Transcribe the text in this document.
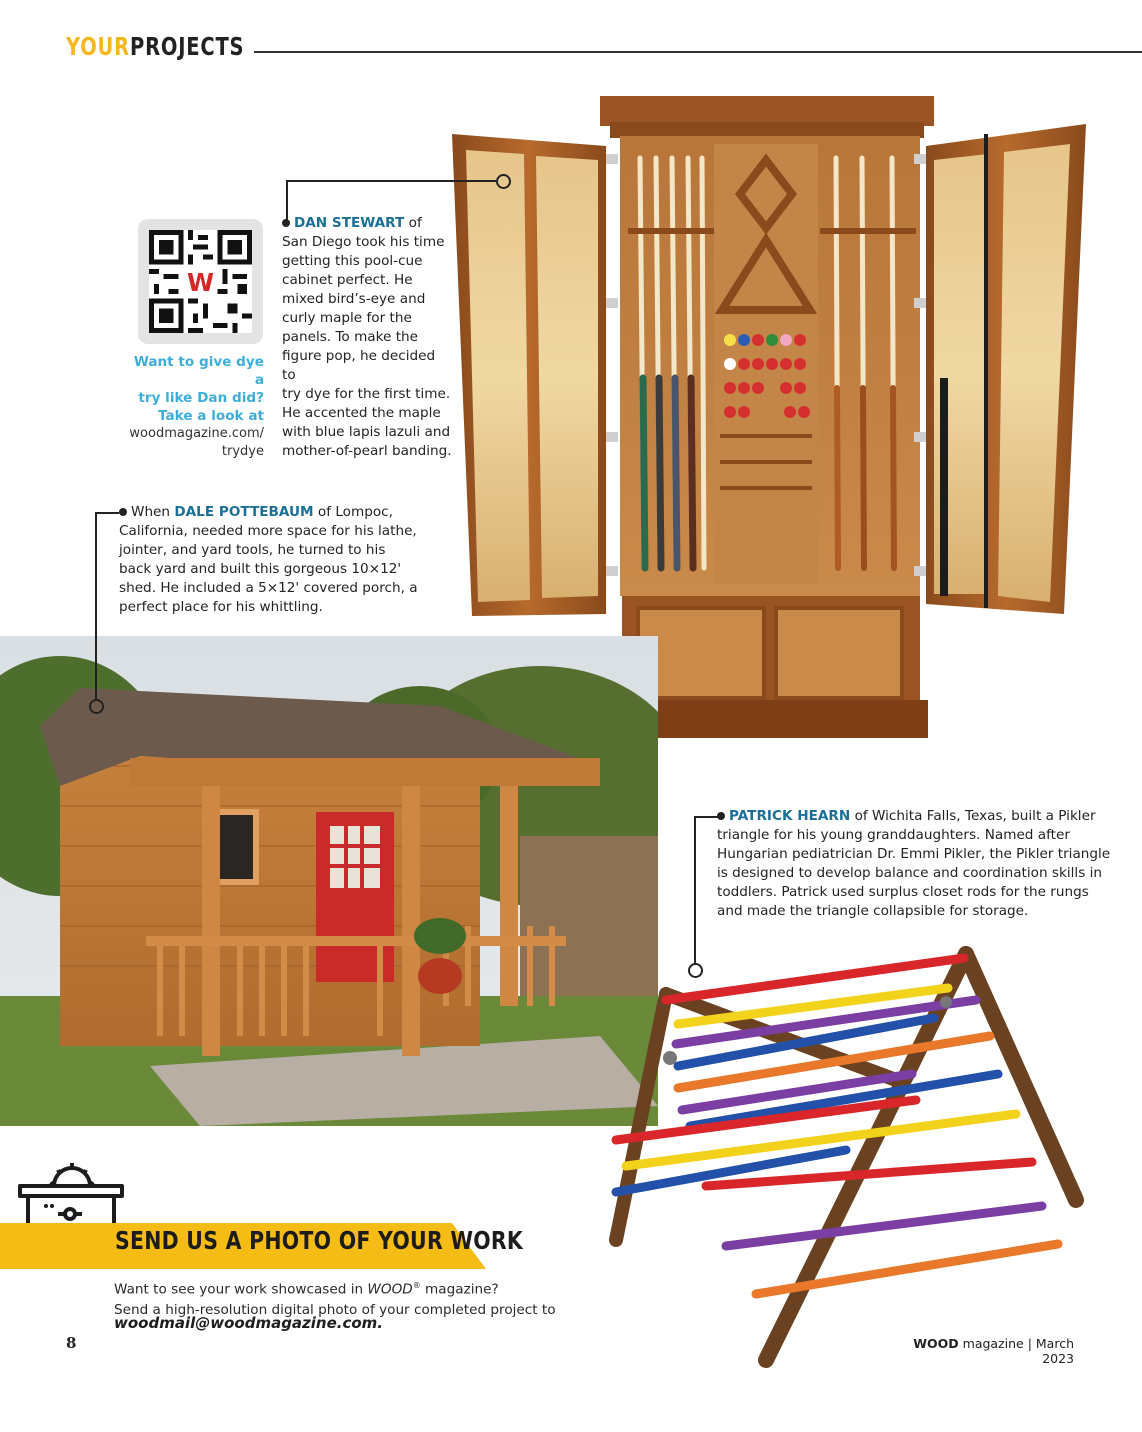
YOUR PROJECTS
DAN STEWART of
San Diego took his time
getting this pool-cue
cabinet perfect. He
mixed bird’s-eye and
curly maple for the
panels. To make the
figure pop, he decided to
try dye for the first time.
He accented the maple
with blue lapis lazuli and
mother-of-pearl banding.
W
Want to give dye a
try like Dan did?
Take a look at
woodmagazine.com/
trydye
When DALE POTTEBAUM of Lompoc,
California, needed more space for his lathe,
jointer, and yard tools, he turned to his
back yard and built this gorgeous 10×12'
shed. He included a 5×12' covered porch, a
perfect place for his whittling.
PATRICK HEARN of Wichita Falls, Texas, built a Pikler
triangle for his young granddaughters. Named after
Hungarian pediatrician Dr. Emmi Pikler, the Pikler triangle
is designed to develop balance and coordination skills in
toddlers. Patrick used surplus closet rods for the rungs
and made the triangle collapsible for storage.
SEND US A PHOTO OF YOUR WORK
Want to see your work showcased in WOOD® magazine?
Send a high-resolution digital photo of your completed project to
woodmail@woodmagazine.com.
8	WOOD magazine | March 2023
